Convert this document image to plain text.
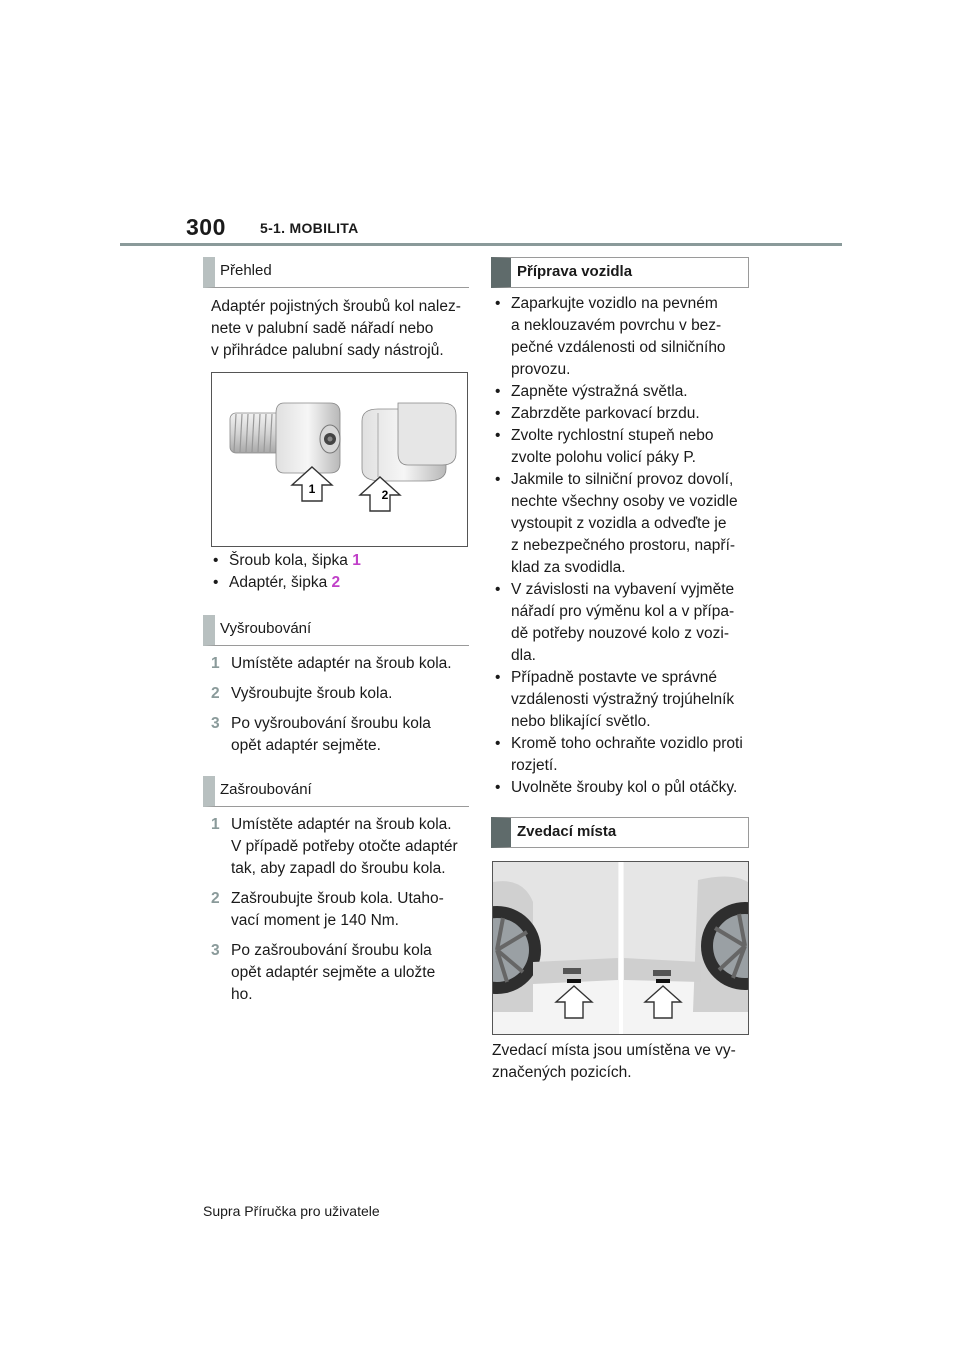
300 5-1. MOBILITA
Přehled
Adaptér pojistných šroubů kol nalez-
nete v palubní sadě nářadí nebo
v přihrádce palubní sady nástrojů.
1	2
• Šroub kola, šipka 1
• Adaptér, šipka 2
Vyšroubování
1 Umístěte adaptér na šroub kola.
2 Vyšroubujte šroub kola.
3 Po vyšroubování šroubu kola
opět adaptér sejměte.
Zašroubování
1 Umístěte adaptér na šroub kola.
V případě potřeby otočte adaptér
tak, aby zapadl do šroubu kola.
2 Zašroubujte šroub kola. Utaho-
vací moment je 140 Nm.
3 Po zašroubování šroubu kola
opět adaptér sejměte a uložte
ho.
Příprava vozidla
• Zaparkujte vozidlo na pevném
a neklouzavém povrchu v bez-
pečné vzdálenosti od silničního
provozu.
• Zapněte výstražná světla.
• Zabrzděte parkovací brzdu.
• Zvolte rychlostní stupeň nebo
zvolte polohu volicí páky P.
• Jakmile to silniční provoz dovolí,
nechte všechny osoby ve vozidle
vystoupit z vozidla a odveďte je
z nebezpečného prostoru, napří-
klad za svodidla.
• V závislosti na vybavení vyjměte
nářadí pro výměnu kol a v přípa-
dě potřeby nouzové kolo z vozi-
dla.
• Případně postavte ve správné
vzdálenosti výstražný trojúhelník
nebo blikající světlo.
• Kromě toho ochraňte vozidlo proti
rozjetí.
• Uvolněte šrouby kol o půl otáčky.
Zvedací místa
Zvedací místa jsou umístěna ve vy-
značených pozicích.
Supra Příručka pro uživatele
